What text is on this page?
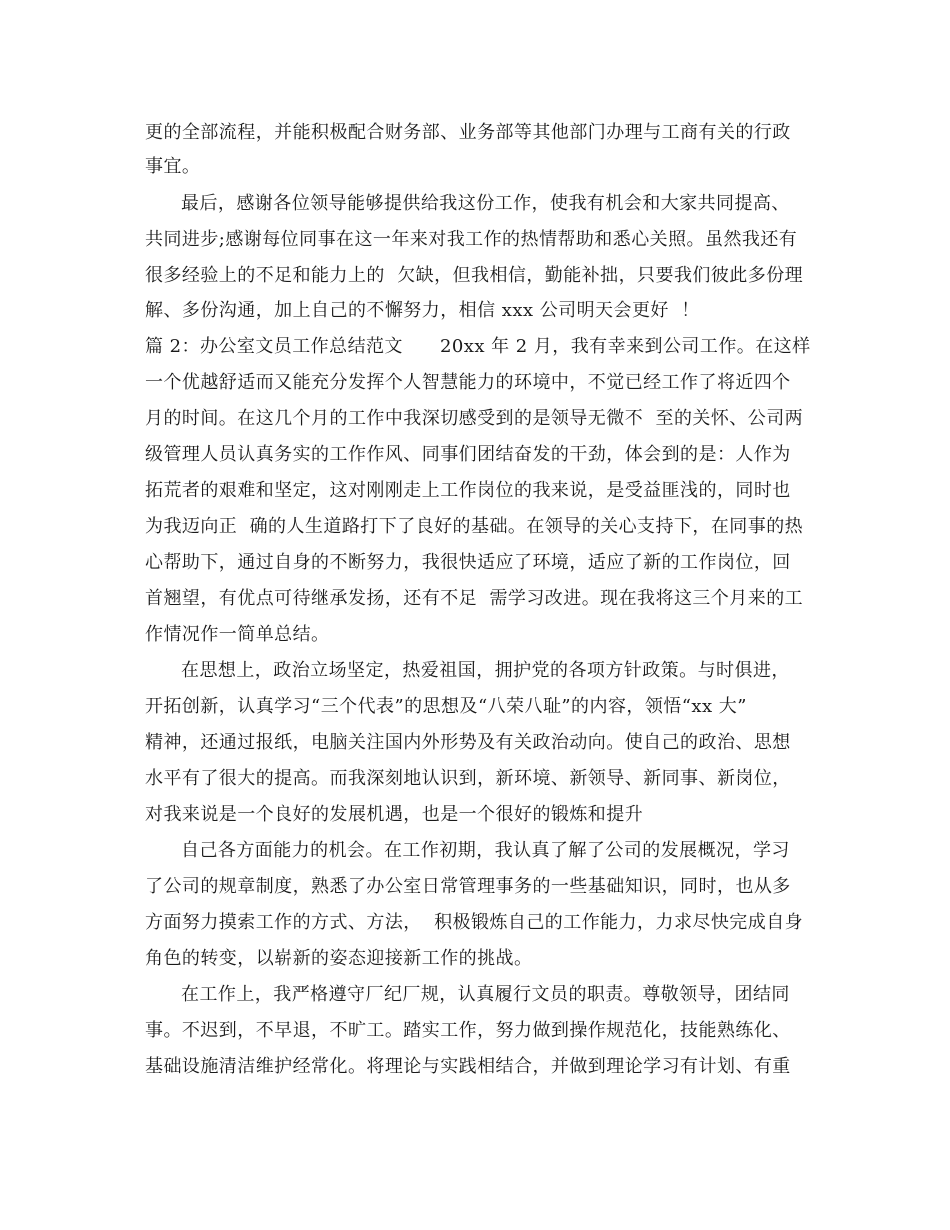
更的全部流程，并能积极配合财务部、业务部等其他部门办理与工商有关的行政
事宜。
最后，感谢各位领导能够提供给我这份工作，使我有机会和大家共同提高、
共同进步;感谢每位同事在这一年来对我工作的热情帮助和悉心关照。虽然我还有
很多经验上的不足和能力上的  欠缺，但我相信，勤能补拙，只要我们彼此多份理
解、多份沟通，加上自己的不懈努力，相信 xxx 公司明天会更好  ！
篇 2：办公室文员工作总结范文      20xx 年 2 月，我有幸来到公司工作。在这样
一个优越舒适而又能充分发挥个人智慧能力的环境中，不觉已经工作了将近四个
月的时间。在这几个月的工作中我深切感受到的是领导无微不  至的关怀、公司两
级管理人员认真务实的工作作风、同事们团结奋发的干劲，体会到的是：人作为
拓荒者的艰难和坚定，这对刚刚走上工作岗位的我来说，是受益匪浅的，同时也
为我迈向正  确的人生道路打下了良好的基础。在领导的关心支持下，在同事的热
心帮助下，通过自身的不断努力，我很快适应了环境，适应了新的工作岗位，回
首翘望，有优点可待继承发扬，还有不足  需学习改进。现在我将这三个月来的工
作情况作一简单总结。
在思想上，政治立场坚定，热爱祖国，拥护党的各项方针政策。与时俱进，
开拓创新，认真学习“三个代表”的思想及“八荣八耻”的内容，领悟“xx 大”
精神，还通过报纸，电脑关注国内外形势及有关政治动向。使自己的政治、思想
水平有了很大的提高。而我深刻地认识到，新环境、新领导、新同事、新岗位，
对我来说是一个良好的发展机遇，也是一个很好的锻炼和提升
自己各方面能力的机会。在工作初期，我认真了解了公司的发展概况，学习
了公司的规章制度，熟悉了办公室日常管理事务的一些基础知识，同时，也从多
方面努力摸索工作的方式、方法，  积极锻炼自己的工作能力，力求尽快完成自身
角色的转变，以崭新的姿态迎接新工作的挑战。
在工作上，我严格遵守厂纪厂规，认真履行文员的职责。尊敬领导，团结同
事。不迟到，不早退，不旷工。踏实工作，努力做到操作规范化，技能熟练化、
基础设施清洁维护经常化。将理论与实践相结合，并做到理论学习有计划、有重
